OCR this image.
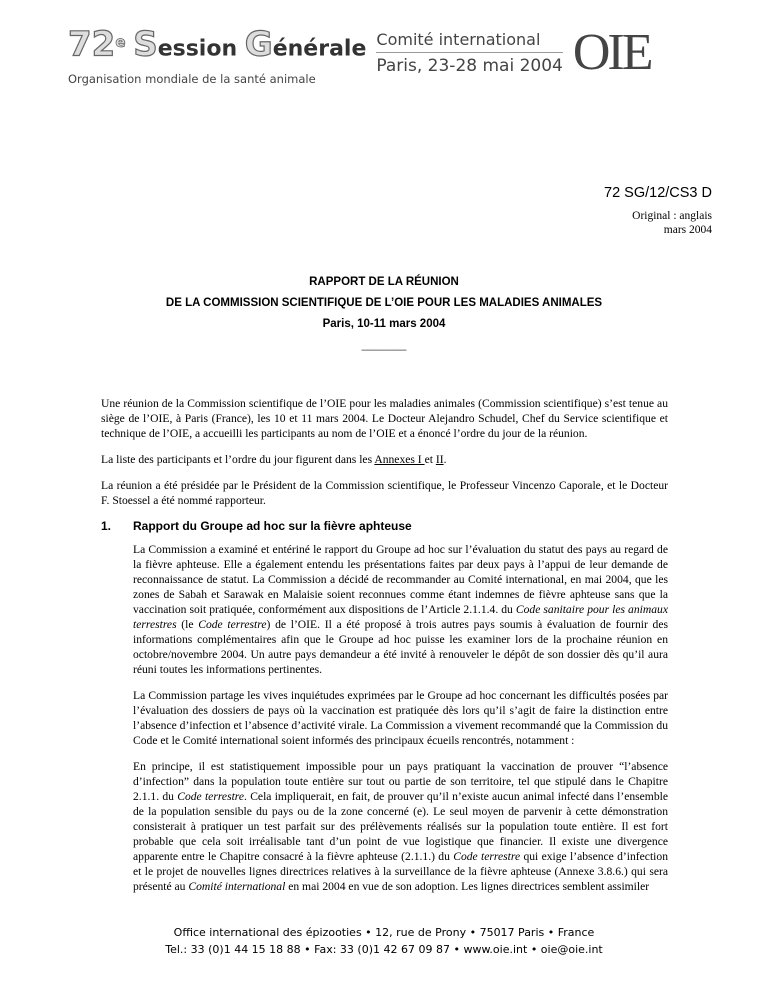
72e Session Générale
Organisation mondiale de la santé animale
Comité international
Paris, 23-28 mai 2004 OIE
72 SG/12/CS3 D
Original : anglais
mars 2004
RAPPORT DE LA RÉUNION
DE LA COMMISSION SCIENTIFIQUE DE L’OIE POUR LES MALADIES ANIMALES
Paris, 10-11 mars 2004
_______
Une réunion de la Commission scientifique de l’OIE pour les maladies animales (Commission scientifique) s’est tenue au siège de l’OIE, à Paris (France), les 10 et 11 mars 2004. Le Docteur Alejandro Schudel, Chef du Service scientifique et technique de l’OIE, a accueilli les participants au nom de l’OIE et a énoncé l’ordre du jour de la réunion.
La liste des participants et l’ordre du jour figurent dans les Annexes I et II.
La réunion a été présidée par le Président de la Commission scientifique, le Professeur Vincenzo Caporale, et le Docteur F. Stoessel a été nommé rapporteur.
1.	Rapport du Groupe ad hoc sur la fièvre aphteuse
La Commission a examiné et entériné le rapport du Groupe ad hoc sur l’évaluation du statut des pays au regard de la fièvre aphteuse. Elle a également entendu les présentations faites par deux pays à l’appui de leur demande de reconnaissance de statut. La Commission a décidé de recommander au Comité international, en mai 2004, que les zones de Sabah et Sarawak en Malaisie soient reconnues comme étant indemnes de fièvre aphteuse sans que la vaccination soit pratiquée, conformément aux dispositions de l’Article 2.1.1.4. du Code sanitaire pour les animaux terrestres (le Code terrestre) de l’OIE. Il a été proposé à trois autres pays soumis à évaluation de fournir des informations complémentaires afin que le Groupe ad hoc puisse les examiner lors de la prochaine réunion en octobre/novembre 2004. Un autre pays demandeur a été invité à renouveler le dépôt de son dossier dès qu’il aura réuni toutes les informations pertinentes.
La Commission partage les vives inquiétudes exprimées par le Groupe ad hoc concernant les difficultés posées par l’évaluation des dossiers de pays où la vaccination est pratiquée dès lors qu’il s’agit de faire la distinction entre l’absence d’infection et l’absence d’activité virale. La Commission a vivement recommandé que la Commission du Code et le Comité international soient informés des principaux écueils rencontrés, notamment :
En principe, il est statistiquement impossible pour un pays pratiquant la vaccination de prouver “l’absence d’infection” dans la population toute entière sur tout ou partie de son territoire, tel que stipulé dans le Chapitre 2.1.1. du Code terrestre. Cela impliquerait, en fait, de prouver qu’il n’existe aucun animal infecté dans l’ensemble de la population sensible du pays ou de la zone concerné (e). Le seul moyen de parvenir à cette démonstration consisterait à pratiquer un test parfait sur des prélèvements réalisés sur la population toute entière. Il est fort probable que cela soit irréalisable tant d’un point de vue logistique que financier. Il existe une divergence apparente entre le Chapitre consacré à la fièvre aphteuse (2.1.1.) du Code terrestre qui exige l’absence d’infection et le projet de nouvelles lignes directrices relatives à la surveillance de la fièvre aphteuse (Annexe 3.8.6.) qui sera présenté au Comité international en mai 2004 en vue de son adoption. Les lignes directrices semblent assimiler
Office international des épizooties • 12, rue de Prony • 75017 Paris • France
Tel.: 33 (0)1 44 15 18 88 • Fax: 33 (0)1 42 67 09 87 • www.oie.int • oie@oie.int
